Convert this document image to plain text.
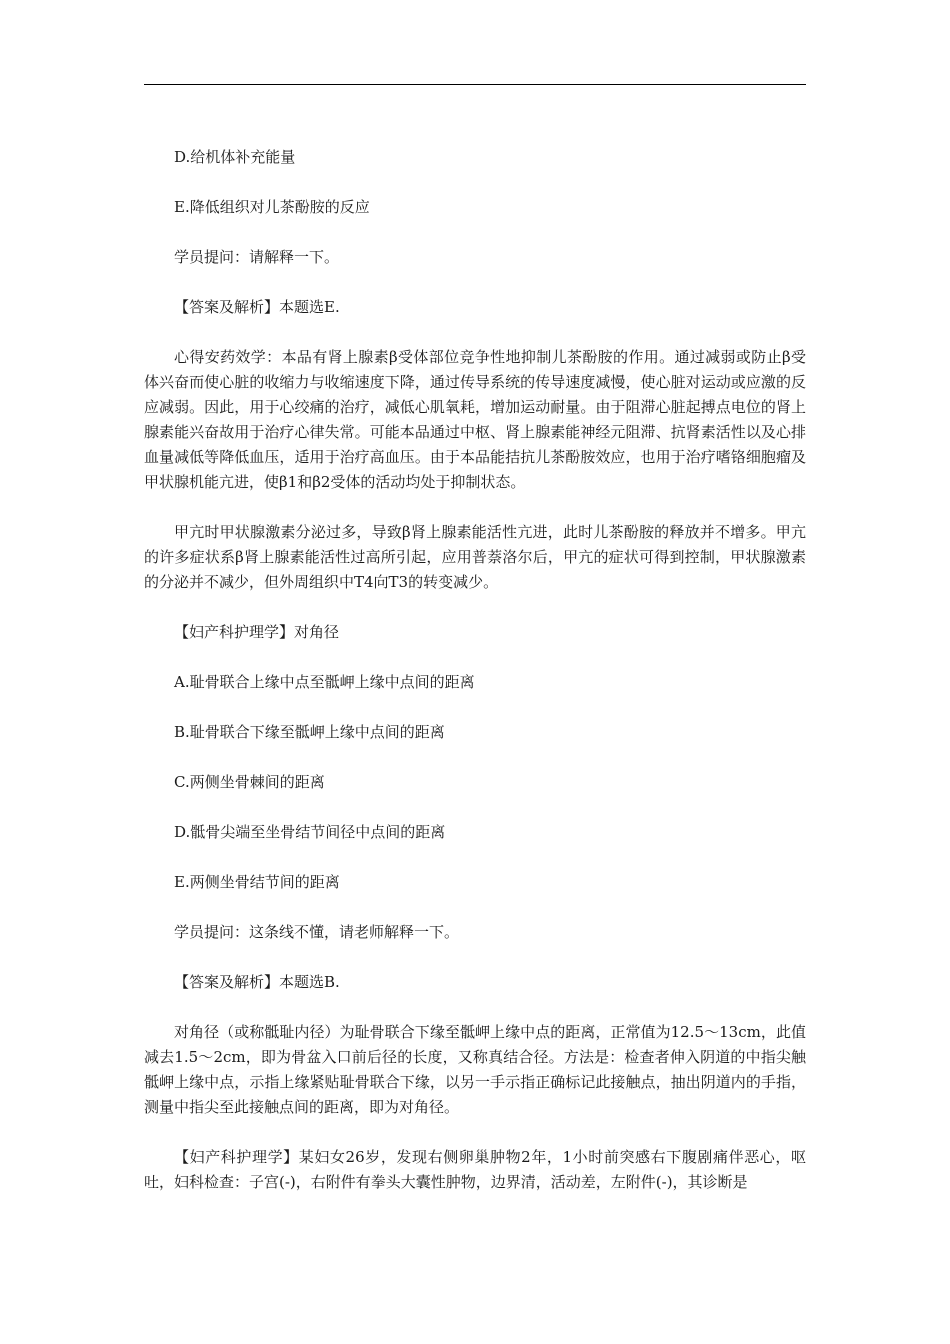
D.给机体补充能量

E.降低组织对儿茶酚胺的反应

学员提问：请解释一下。

【答案及解析】本题选E.

心得安药效学：本品有肾上腺素β受体部位竞争性地抑制儿茶酚胺的作用。通过减弱或防止β受体兴奋而使心脏的收缩力与收缩速度下降，通过传导系统的传导速度减慢，使心脏对运动或应激的反应减弱。因此，用于心绞痛的治疗，减低心肌氧耗，增加运动耐量。由于阻滞心脏起搏点电位的肾上腺素能兴奋故用于治疗心律失常。可能本品通过中枢、肾上腺素能神经元阻滞、抗肾素活性以及心排血量减低等降低血压，适用于治疗高血压。由于本品能拮抗儿茶酚胺效应，也用于治疗嗜铬细胞瘤及甲状腺机能亢进，使β1和β2受体的活动均处于抑制状态。

甲亢时甲状腺激素分泌过多，导致β肾上腺素能活性亢进，此时儿茶酚胺的释放并不增多。甲亢的许多症状系β肾上腺素能活性过高所引起，应用普萘洛尔后，甲亢的症状可得到控制，甲状腺激素的分泌并不减少，但外周组织中T4向T3的转变减少。

【妇产科护理学】对角径

A.耻骨联合上缘中点至骶岬上缘中点间的距离

B.耻骨联合下缘至骶岬上缘中点间的距离

C.两侧坐骨棘间的距离

D.骶骨尖端至坐骨结节间径中点间的距离

E.两侧坐骨结节间的距离

学员提问：这条线不懂，请老师解释一下。

【答案及解析】本题选B.

对角径（或称骶耻内径）为耻骨联合下缘至骶岬上缘中点的距离，正常值为12.5～13cm，此值减去1.5～2cm，即为骨盆入口前后径的长度，又称真结合径。方法是：检查者伸入阴道的中指尖触骶岬上缘中点，示指上缘紧贴耻骨联合下缘，以另一手示指正确标记此接触点，抽出阴道内的手指，测量中指尖至此接触点间的距离，即为对角径。

【妇产科护理学】某妇女26岁，发现右侧卵巢肿物2年，1小时前突感右下腹剧痛伴恶心，呕吐，妇科检查：子宫(-)，右附件有拳头大囊性肿物，边界清，活动差，左附件(-)，其诊断是
